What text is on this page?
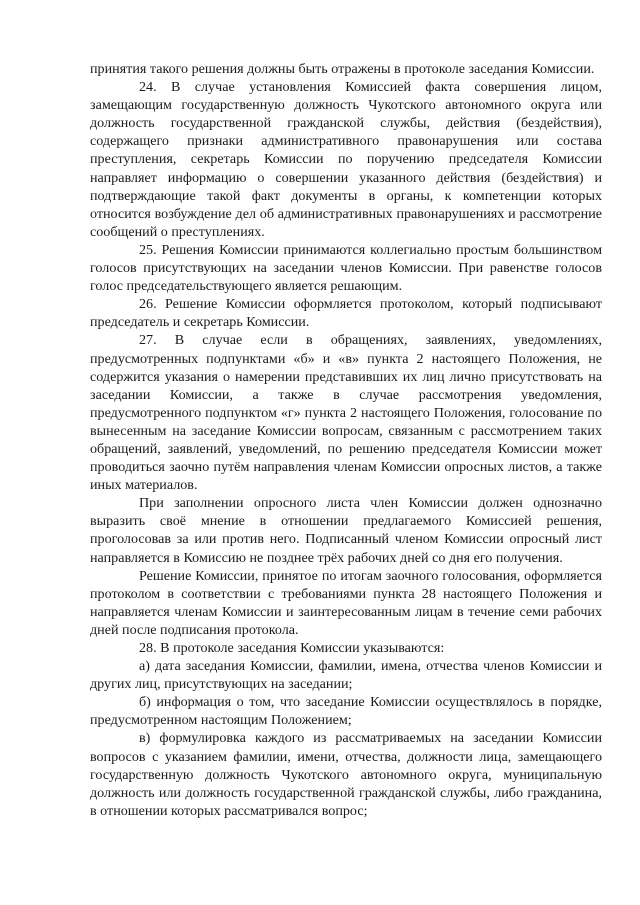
принятия такого решения должны быть отражены в протоколе заседания Комиссии.

24. В случае установления Комиссией факта совершения лицом, замещающим государственную должность Чукотского автономного округа или должность государственной гражданской службы, действия (бездействия), содержащего признаки административного правонарушения или состава преступления, секретарь Комиссии по поручению председателя Комиссии направляет информацию о совершении указанного действия (бездействия) и подтверждающие такой факт документы в органы, к компетенции которых относится возбуждение дел об административных правонарушениях и рассмотрение сообщений о преступлениях.

25. Решения Комиссии принимаются коллегиально простым большинством голосов присутствующих на заседании членов Комиссии. При равенстве голосов голос председательствующего является решающим.

26. Решение Комиссии оформляется протоколом, который подписывают председатель и секретарь Комиссии.

27. В случае если в обращениях, заявлениях, уведомлениях, предусмотренных подпунктами «б» и «в» пункта 2 настоящего Положения, не содержится указания о намерении представивших их лиц лично присутствовать на заседании Комиссии, а также в случае рассмотрения уведомления, предусмотренного подпунктом «г» пункта 2 настоящего Положения, голосование по вынесенным на заседание Комиссии вопросам, связанным с рассмотрением таких обращений, заявлений, уведомлений, по решению председателя Комиссии может проводиться заочно путём направления членам Комиссии опросных листов, а также иных материалов.

При заполнении опросного листа член Комиссии должен однозначно выразить своё мнение в отношении предлагаемого Комиссией решения, проголосовав за или против него. Подписанный членом Комиссии опросный лист направляется в Комиссию не позднее трёх рабочих дней со дня его получения.

Решение Комиссии, принятое по итогам заочного голосования, оформляется протоколом в соответствии с требованиями пункта 28 настоящего Положения и направляется членам Комиссии и заинтересованным лицам в течение семи рабочих дней после подписания протокола.

28. В протоколе заседания Комиссии указываются:

а) дата заседания Комиссии, фамилии, имена, отчества членов Комиссии и других лиц, присутствующих на заседании;

б) информация о том, что заседание Комиссии осуществлялось в порядке, предусмотренном настоящим Положением;

в) формулировка каждого из рассматриваемых на заседании Комиссии вопросов с указанием фамилии, имени, отчества, должности лица, замещающего государственную должность Чукотского автономного округа, муниципальную должность или должность государственной гражданской службы, либо гражданина, в отношении которых рассматривался вопрос;
